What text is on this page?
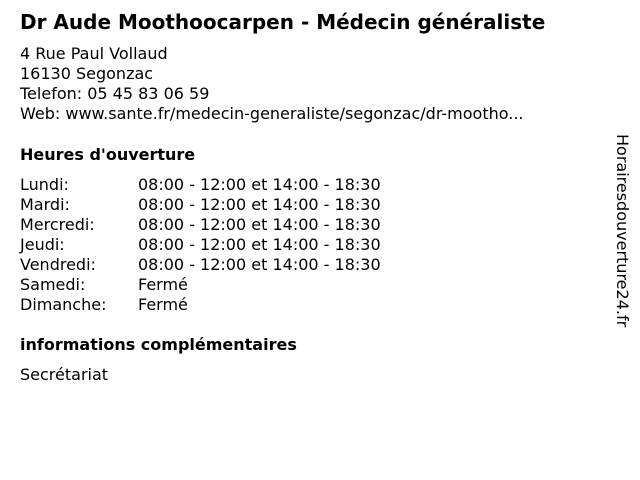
Dr Aude Moothoocarpen - Médecin généraliste
4 Rue Paul Vollaud
16130 Segonzac
Telefon: 05 45 83 06 59
Web: www.sante.fr/medecin-generaliste/segonzac/dr-mootho...
Heures d'ouverture
Lundi:	08:00 - 12:00 et 14:00 - 18:30
Mardi:	08:00 - 12:00 et 14:00 - 18:30
Mercredi:	08:00 - 12:00 et 14:00 - 18:30
Jeudi:	08:00 - 12:00 et 14:00 - 18:30
Vendredi:	08:00 - 12:00 et 14:00 - 18:30
Samedi:	Fermé
Dimanche:	Fermé
informations complémentaires
Secrétariat
Horairesdouverture24.fr
